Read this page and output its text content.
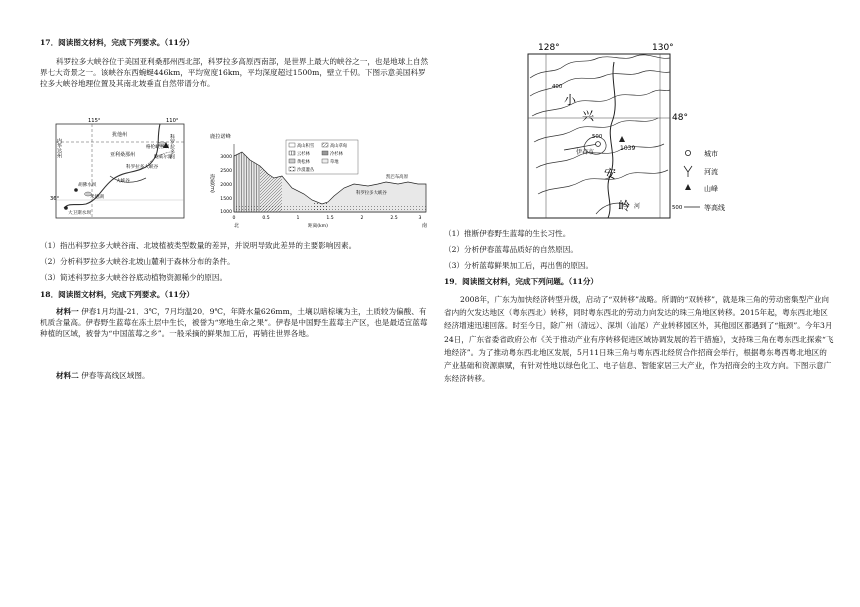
17．阅读图文材料，完成下列要求。（11分）
科罗拉多大峡谷位于美国亚利桑那州西北部，科罗拉多高原西南部，是世界上最大的峡谷之一，也是地球上自然界七大奇景之一。该峡谷东西蜿蜒446km，平均宽度16km，平均深度超过1500m，壁立千仞。下图示意美国科罗拉多大峡谷地理位置及其南北坡垂直自然带谱分布。
115°	110°
36°
内华达州
犹他州	科罗拉多河
亚利桑那州
胡佛水坝
科罗拉多大峡谷
鲍威尔湖
米德湖
大峡谷
格伦峡谷坝
大卫斯水坝
鹿拉诺峰
海拔(m)
3000
2500
2000
1500
1000
高山积雪	高山草甸
云杉林	冷杉林
黄松林	草地
沙漠灌丛
科罗拉多大峡谷
凯巴布高原
0	0.5	1	1.5	2	2.5	3
北	距离(km)	南
（1）指出科罗拉多大峡谷南、北坡植被类型数量的差异，并说明导致此差异的主要影响因素。
（2）分析科罗拉多大峡谷北坡山麓利于森林分布的条件。
（3）简述科罗拉多大峡谷谷底动植物资源稀少的原因。
18．阅读图文材料，完成下列要求。（11分）
材料一 伊春1月均温-21．3℃，7月均温20．9℃，年降水量626mm，土壤以暗棕壤为主，土质较为偏酸、有机质含量高。伊春野生蓝莓在冻土层中生长，被誉为“寒地生命之果”。伊春是中国野生蓝莓主产区，也是最适宜蓝莓种植的区域，被誉为“中国蓝莓之乡”。一般采摘的鲜果加工后，再销往世界各地。
材料二 伊春等高线区域图。
128°	130°
48°
小
兴
安
岭
伊春市
1039
500
400
河
城市
河流
山峰
500	等高线
（1）推断伊春野生蓝莓的生长习性。
（2）分析伊春蓝莓品质好的自然原因。
（3）分析蓝莓鲜果加工后，再出售的原因。
19．阅读图文材料，完成下列问题。（11分）
2008年，广东为加快经济转型升级，启动了“双转移”战略。所谓的“双转移”，就是珠三角的劳动密集型产业向省内的欠发达地区（粤东西北）转移，同时粤东西北的劳动力向发达的珠三角地区转移。2015年起，粤东西北地区经济增速迅速回落。时至今日，除广州（清远）、深圳（汕尾）产业转移园区外，其他园区都遇到了“瓶颈”。今年3月24日，广东省委省政府公布《关于推动产业有序转移促进区域协调发展的若干措施》，支持珠三角在粤东西北探索“飞地经济”。为了推动粤东西北地区发展，5月11日珠三角与粤东西北经贸合作招商会举行，根据粤东粤西粤北地区的产业基础和资源禀赋，有针对性地以绿色化工、电子信息、智能家居三大产业，作为招商会的主攻方向。下图示意广东经济转移。
